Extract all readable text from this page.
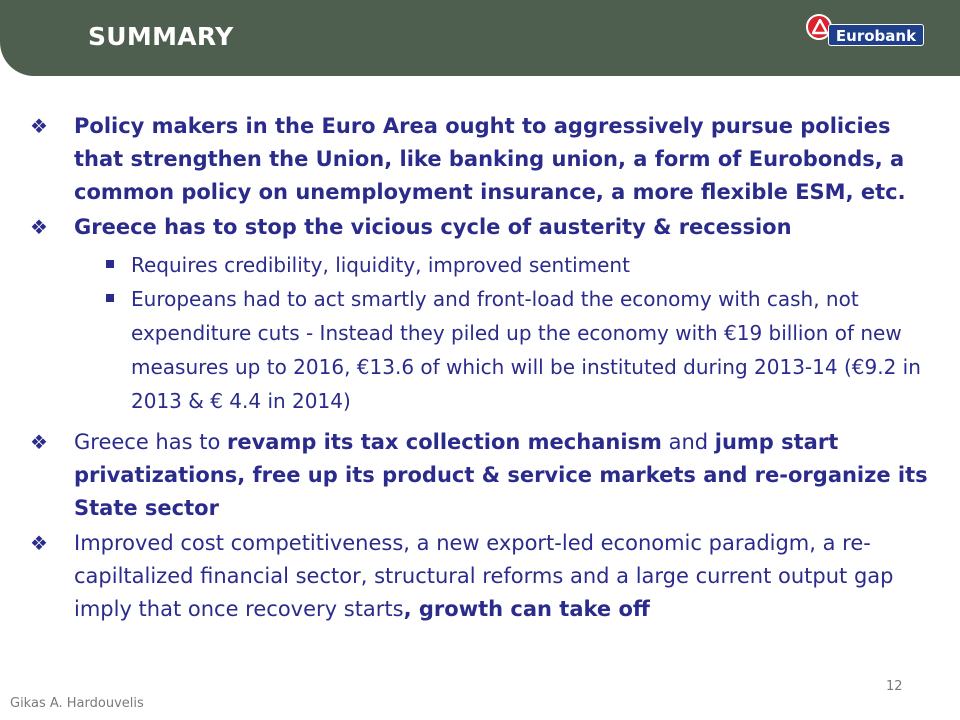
SUMMARY	Eurobank
❖ Policy makers in the Euro Area ought to aggressively pursue policies that strengthen the Union, like banking union, a form of Eurobonds, a common policy on unemployment insurance, a more flexible ESM, etc.
❖ Greece has to stop the vicious cycle of austerity & recession
Requires credibility, liquidity, improved sentiment
Europeans had to act smartly and front-load the economy with cash, not expenditure cuts - Instead they piled up the economy with €19 billion of new measures up to 2016, €13.6 of which will be instituted during 2013-14 (€9.2 in 2013 & € 4.4 in 2014)
❖ Greece has to revamp its tax collection mechanism and jump start privatizations, free up its product & service markets and re-organize its State sector
❖ Improved cost competitiveness, a new export-led economic paradigm, a re-capiltalized financial sector, structural reforms and a large current output gap imply that once recovery starts, growth can take off
12
Gikas A. Hardouvelis
